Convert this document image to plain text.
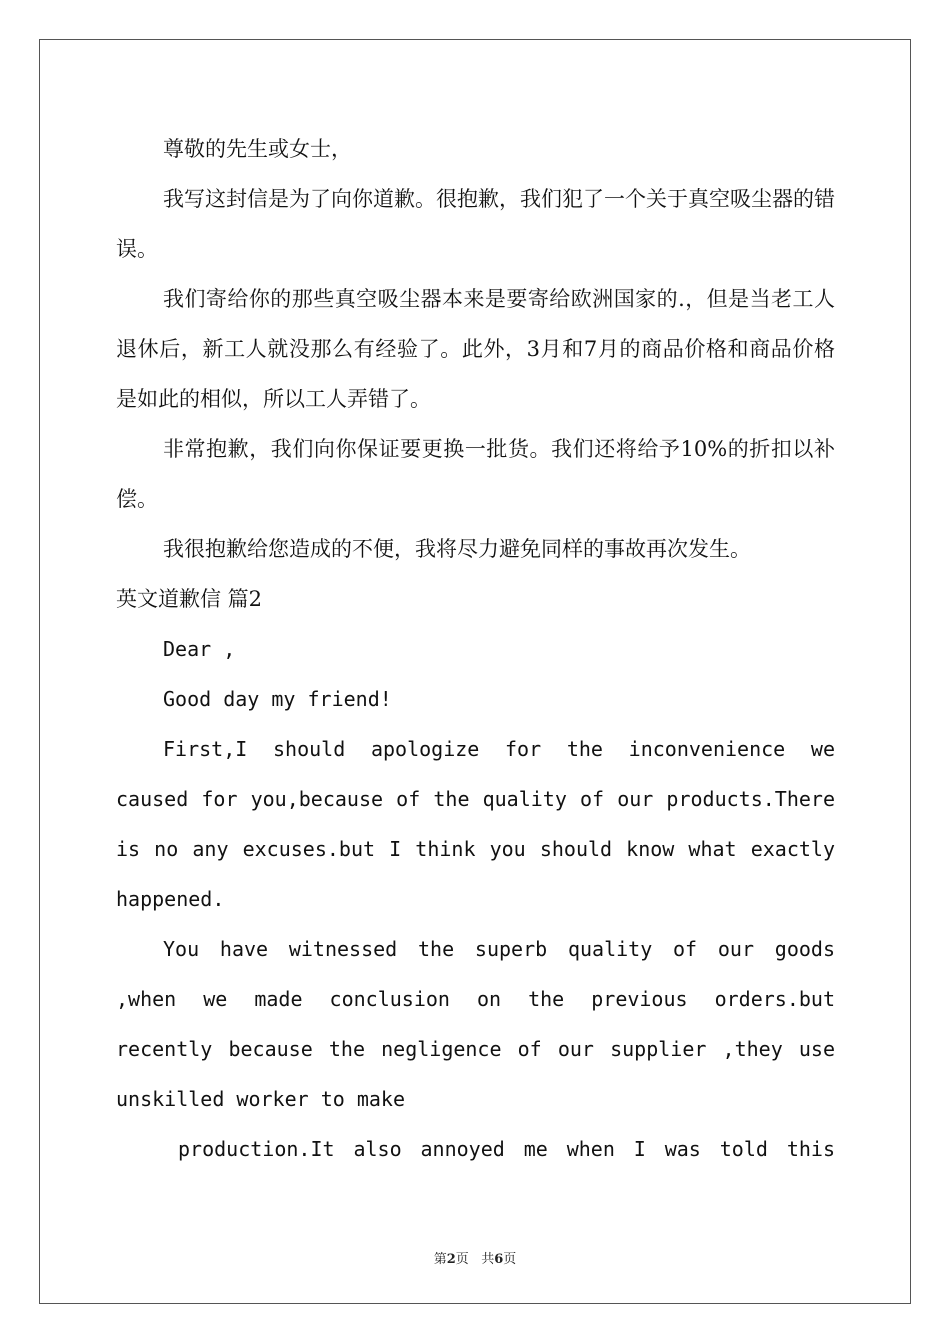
尊敬的先生或女士，

我写这封信是为了向你道歉。很抱歉，我们犯了一个关于真空吸尘器的错误。

我们寄给你的那些真空吸尘器本来是要寄给欧洲国家的.，但是当老工人退休后，新工人就没那么有经验了。此外，3月和7月的商品价格和商品价格是如此的相似，所以工人弄错了。

非常抱歉，我们向你保证要更换一批货。我们还将给予10%的折扣以补偿。

我很抱歉给您造成的不便，我将尽力避免同样的事故再次发生。

英文道歉信 篇2

Dear ,

Good day my friend!

First,I should apologize for the inconvenience we caused for you,because of the quality of our products.There is no any excuses.but I think you should know what exactly happened.

You have witnessed the superb quality of our goods ,when we made conclusion on the previous orders.but recently because the negligence of our supplier ,they use unskilled worker to make

production.It also annoyed me when I was told this

第2页 共6页
